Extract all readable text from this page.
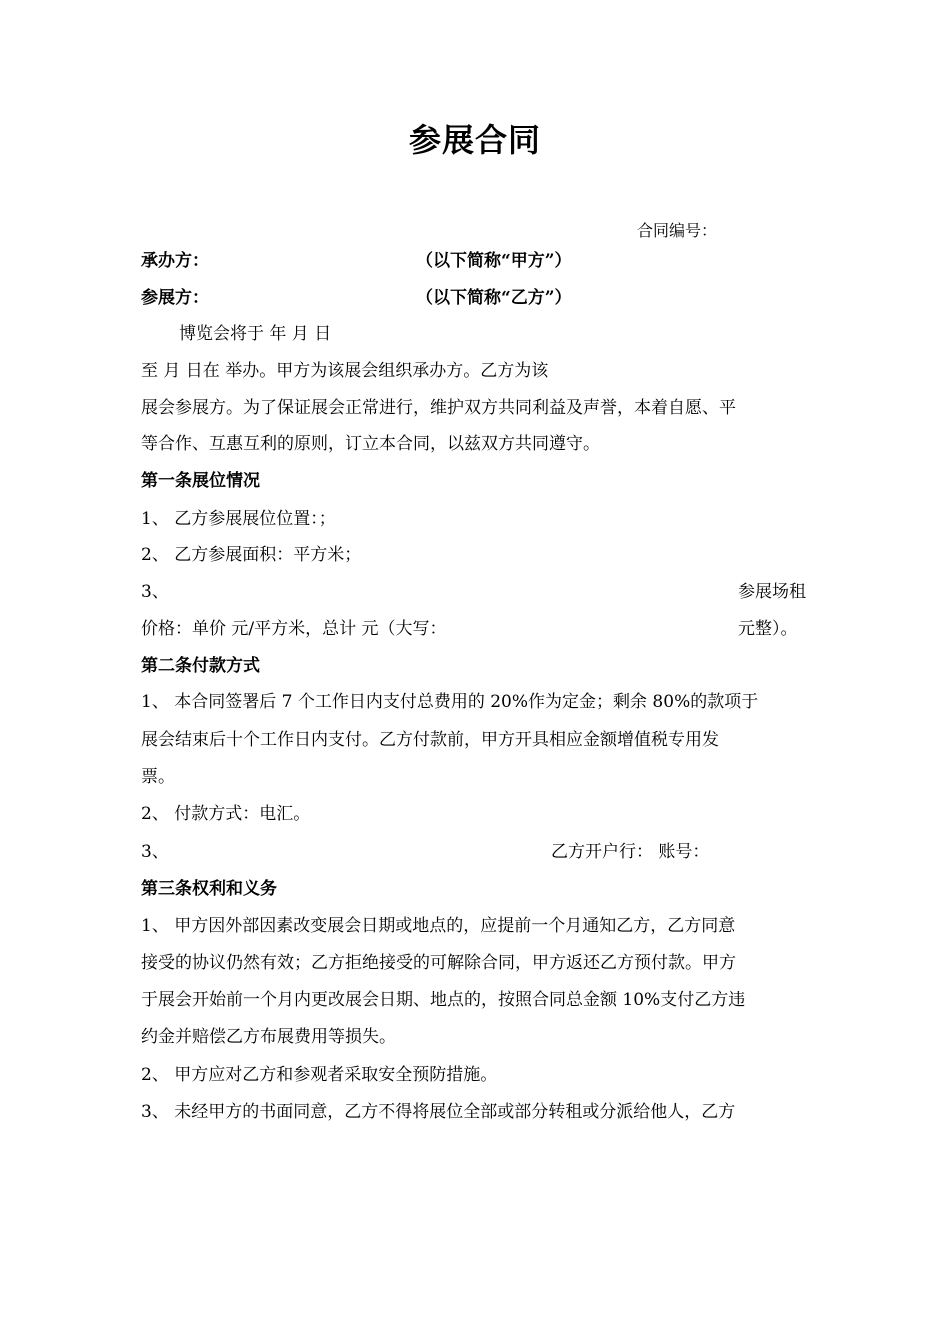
参展合同
合同编号：
承办方：	（以下简称“甲方”）
参展方：	（以下简称“乙方”）
博览会将于 年 月 日
至 月 日在 举办。甲方为该展会组织承办方。乙方为该
展会参展方。为了保证展会正常进行，维护双方共同利益及声誉，本着自愿、平
等合作、互惠互利的原则，订立本合同，以兹双方共同遵守。
第一条展位情况
1、 乙方参展展位位置：；
2、 乙方参展面积：平方米；
3、	参展场租
价格：单价 元/平方米，总计 元（大写：	元整）。
第二条付款方式
1、 本合同签署后 7 个工作日内支付总费用的 20%作为定金；剩余 80%的款项于
展会结束后十个工作日内支付。乙方付款前，甲方开具相应金额增值税专用发
票。
2、 付款方式：电汇。
3、	乙方开户行： 账号：
第三条权利和义务
1、 甲方因外部因素改变展会日期或地点的，应提前一个月通知乙方，乙方同意
接受的协议仍然有效；乙方拒绝接受的可解除合同，甲方返还乙方预付款。甲方
于展会开始前一个月内更改展会日期、地点的，按照合同总金额 10%支付乙方违
约金并赔偿乙方布展费用等损失。
2、 甲方应对乙方和参观者采取安全预防措施。
3、 未经甲方的书面同意，乙方不得将展位全部或部分转租或分派给他人，乙方
